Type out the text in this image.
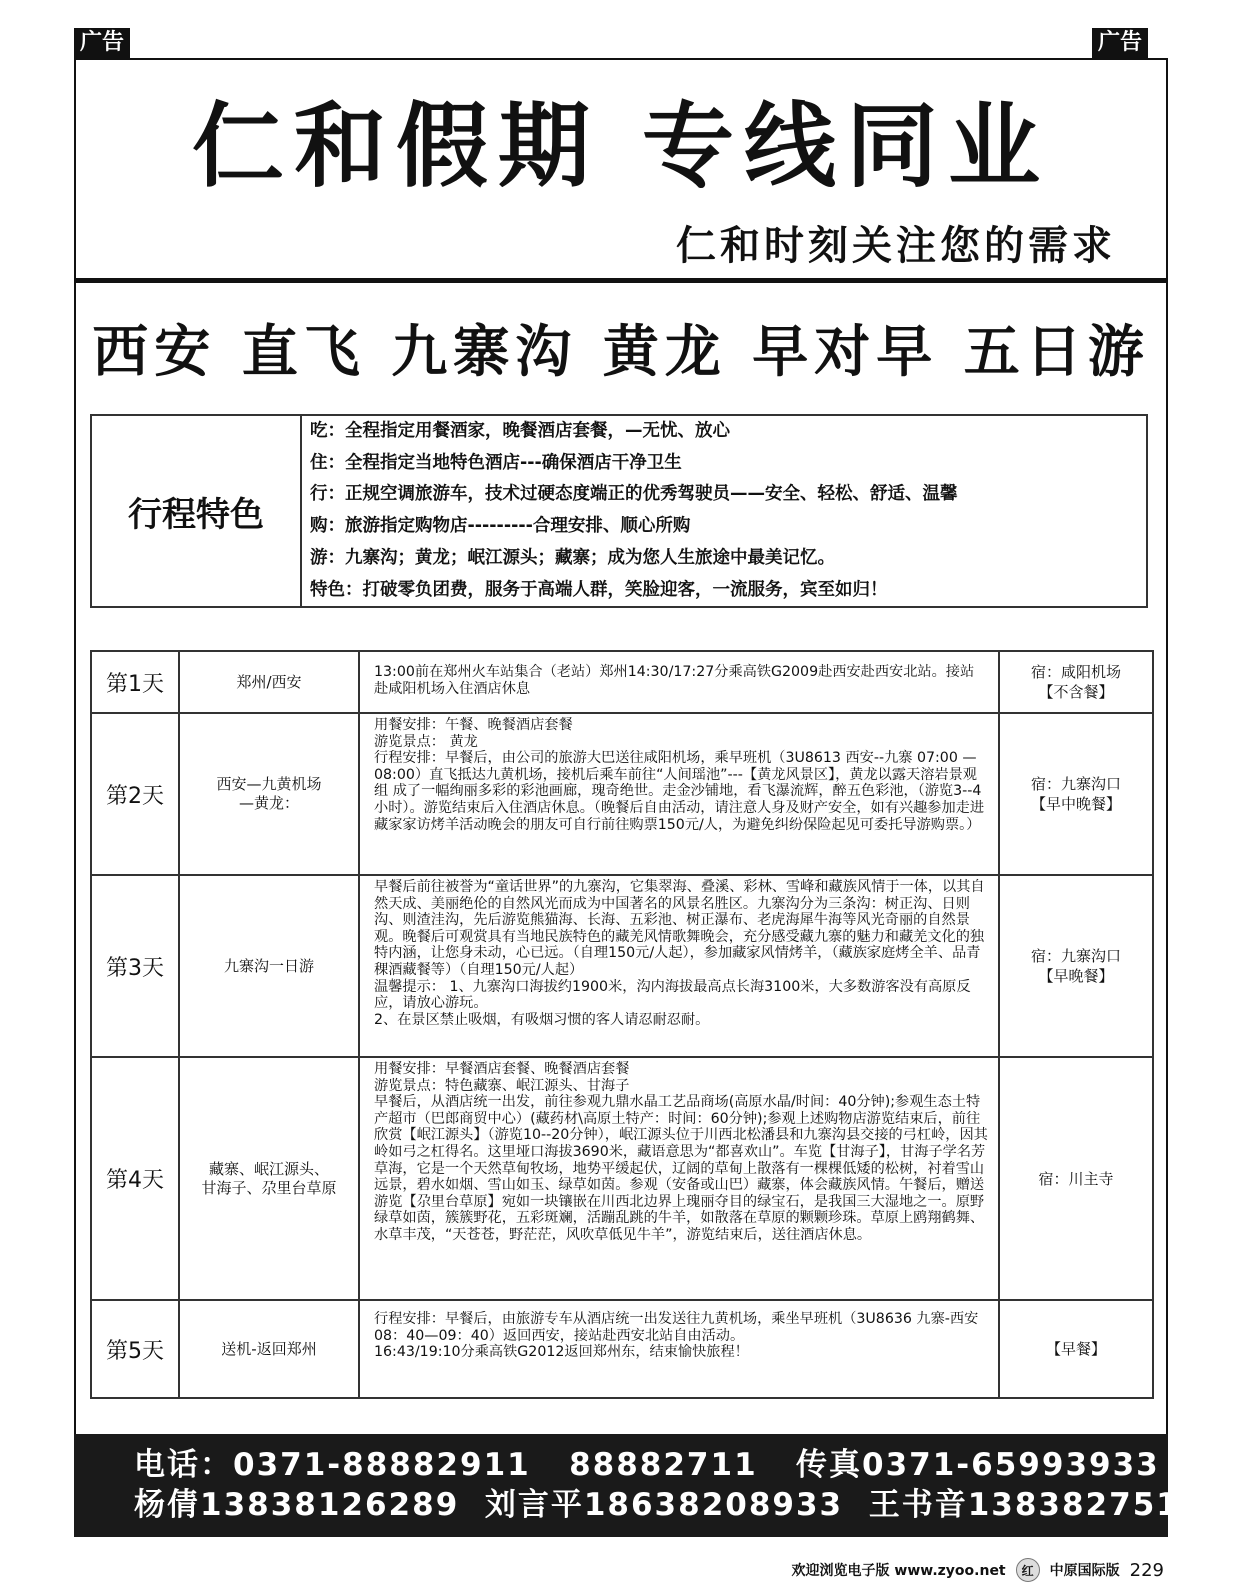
广告	广告
仁和假期 专线同业
仁和时刻关注您的需求
西安 直飞 九寨沟 黄龙 早对早 五日游
行程特色
吃：全程指定用餐酒家，晚餐酒店套餐，—无忧、放心
住：全程指定当地特色酒店---确保酒店干净卫生
行：正规空调旅游车，技术过硬态度端正的优秀驾驶员——安全、轻松、舒适、温馨
购：旅游指定购物店---------合理安排、顺心所购
游：九寨沟；黄龙；岷江源头；藏寨；成为您人生旅途中最美记忆。
特色：打破零负团费，服务于高端人群，笑脸迎客，一流服务，宾至如归！
第1天	郑州/西安	13:00前在郑州火车站集合（老站）郑州14:30/17:27分乘高铁G2009赴西安赴西安北站。接站赴咸阳机场入住酒店休息	宿：咸阳机场
【不含餐】
第2天	西安—九黄机场
—黄龙：	用餐安排：午餐、晚餐酒店套餐
游览景点： 黄龙
行程安排：早餐后，由公司的旅游大巴送往咸阳机场，乘早班机（3U8613 西安--九寨 07:00 — 08:00）直飞抵达九黄机场，接机后乘车前往“人间瑶池”---【黄龙风景区】，黄龙以露天溶岩景观组 成了一幅绚丽多彩的彩池画廊，瑰奇绝世。走金沙铺地，看飞瀑流辉，醉五色彩池，（游览3--4小时）。游览结束后入住酒店休息。（晚餐后自由活动，请注意人身及财产安全，如有兴趣参加走进藏家家访烤羊活动晚会的朋友可自行前往购票150元/人，为避免纠纷保险起见可委托导游购票。）	宿：九寨沟口
【早中晚餐】
第3天	九寨沟一日游	早餐后前往被誉为“童话世界”的九寨沟，它集翠海、叠溪、彩林、雪峰和藏族风情于一体，以其自然天成、美丽绝伦的自然风光而成为中国著名的风景名胜区。九寨沟分为三条沟：树正沟、日则沟、则渣洼沟，先后游览熊猫海、长海、五彩池、树正瀑布、老虎海犀牛海等风光奇丽的自然景观。晚餐后可观赏具有当地民族特色的藏羌风情歌舞晚会，充分感受藏九寨的魅力和藏羌文化的独特内涵，让您身未动，心已远。（自理150元/人起），参加藏家风情烤羊，（藏族家庭烤全羊、品青稞酒藏餐等）（自理150元/人起）
温馨提示： 1、九寨沟口海拔约1900米，沟内海拔最高点长海3100米，大多数游客没有高原反应，请放心游玩。
2、在景区禁止吸烟，有吸烟习惯的客人请忍耐忍耐。	宿：九寨沟口
【早晚餐】
第4天	藏寨、岷江源头、
甘海子、尕里台草原	用餐安排：早餐酒店套餐、晚餐酒店套餐
游览景点：特色藏寨、岷江源头、甘海子
早餐后，从酒店统一出发，前往参观九鼎水晶工艺品商场(高原水晶/时间：40分钟);参观生态土特产超市（巴郎商贸中心）(藏药材\高原土特产：时间：60分钟);参观上述购物店游览结束后，前往欣赏【岷江源头】（游览10--20分钟），岷江源头位于川西北松潘县和九寨沟县交接的弓杠岭，因其岭如弓之杠得名。这里垭口海拔3690米，藏语意思为“都喜欢山”。车览【甘海子】，甘海子学名芳草海，它是一个天然草甸牧场，地势平缓起伏，辽阔的草甸上散落有一棵棵低矮的松树，衬着雪山远景，碧水如烟、雪山如玉、绿草如茵。参观（安备或山巴）藏寨，体会藏族风情。午餐后，赠送游览【尕里台草原】宛如一块镶嵌在川西北边界上瑰丽夺目的绿宝石，是我国三大湿地之一。原野绿草如茵，簇簇野花，五彩斑斓，活蹦乱跳的牛羊，如散落在草原的颗颗珍珠。草原上鸥翔鹤舞、水草丰茂，“天苍苍，野茫茫，风吹草低见牛羊”，游览结束后，送往酒店休息。	宿：川主寺
第5天	送机-返回郑州	行程安排：早餐后，由旅游专车从酒店统一出发送往九黄机场，乘坐早班机（3U8636 九寨-西安08：40—09：40）返回西安，接站赴西安北站自由活动。
16:43/19:10分乘高铁G2012返回郑州东，结束愉快旅程！	【早餐】
电话：0371-88882911   88882711   传真0371-65993933
杨倩13838126289  刘言平18638208933  王书音13838275102
欢迎浏览电子版 www.zyoo.net	红	中原国际版 229
